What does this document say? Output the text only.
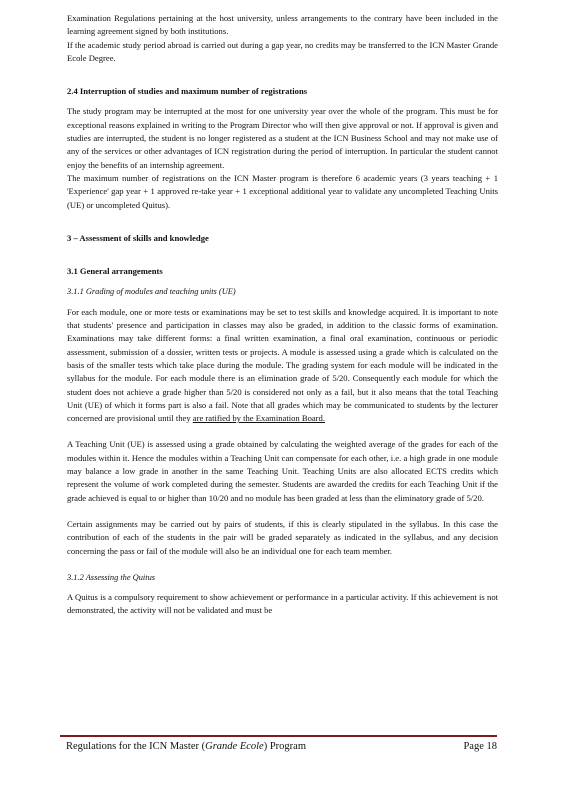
Examination Regulations pertaining at the host university, unless arrangements to the contrary have been included in the learning agreement signed by both institutions.

If the academic study period abroad is carried out during a gap year, no credits may be transferred to the ICN Master Grande Ecole Degree.

2.4 Interruption of studies and maximum number of registrations

The study program may be interrupted at the most for one university year over the whole of the program. This must be for exceptional reasons explained in writing to the Program Director who will then give approval or not. If approval is given and studies are interrupted, the student is no longer registered as a student at the ICN Business School and may not make use of any of the services or other advantages of ICN registration during the period of interruption. In particular the student cannot enjoy the benefits of an internship agreement.

The maximum number of registrations on the ICN Master program is therefore 6 academic years (3 years teaching + 1 'Experience' gap year + 1 approved re-take year + 1 exceptional additional year to validate any uncompleted Teaching Units (UE) or uncompleted Quitus).

3 – Assessment of skills and knowledge
3.1 General arrangements
3.1.1 Grading of modules and teaching units (UE)

For each module, one or more tests or examinations may be set to test skills and knowledge acquired. It is important to note that students' presence and participation in classes may also be graded, in addition to the classic forms of examination. Examinations may take different forms: a final written examination, a final oral examination, continuous or periodic assessment, submission of a dossier, written tests or projects. A module is assessed using a grade which is calculated on the basis of the smaller tests which take place during the module. The grading system for each module will be indicated in the syllabus for the module. For each module there is an elimination grade of 5/20. Consequently each module for which the student does not achieve a grade higher than 5/20 is considered not only as a fail, but it also means that the total Teaching Unit (UE) of which it forms part is also a fail. Note that all grades which may be communicated to students by the lecturer concerned are provisional until they are ratified by the Examination Board.

A Teaching Unit (UE) is assessed using a grade obtained by calculating the weighted average of the grades for each of the modules within it. Hence the modules within a Teaching Unit can compensate for each other, i.e. a high grade in one module may balance a low grade in another in the same Teaching Unit. Teaching Units are also allocated ECTS credits which represent the volume of work completed during the semester. Students are awarded the credits for each Teaching Unit if the grade achieved is equal to or higher than 10/20 and no module has been graded at less than the eliminatory grade of 5/20.

Certain assignments may be carried out by pairs of students, if this is clearly stipulated in the syllabus. In this case the contribution of each of the students in the pair will be graded separately as indicated in the syllabus, and any decision concerning the pass or fail of the module will also be an individual one for each team member.

3.1.2 Assessing the Quitus

A Quitus is a compulsory requirement to show achievement or performance in a particular activity. If this achievement is not demonstrated, the activity will not be validated and must be

Regulations for the ICN Master (Grande Ecole) Program	Page 18
